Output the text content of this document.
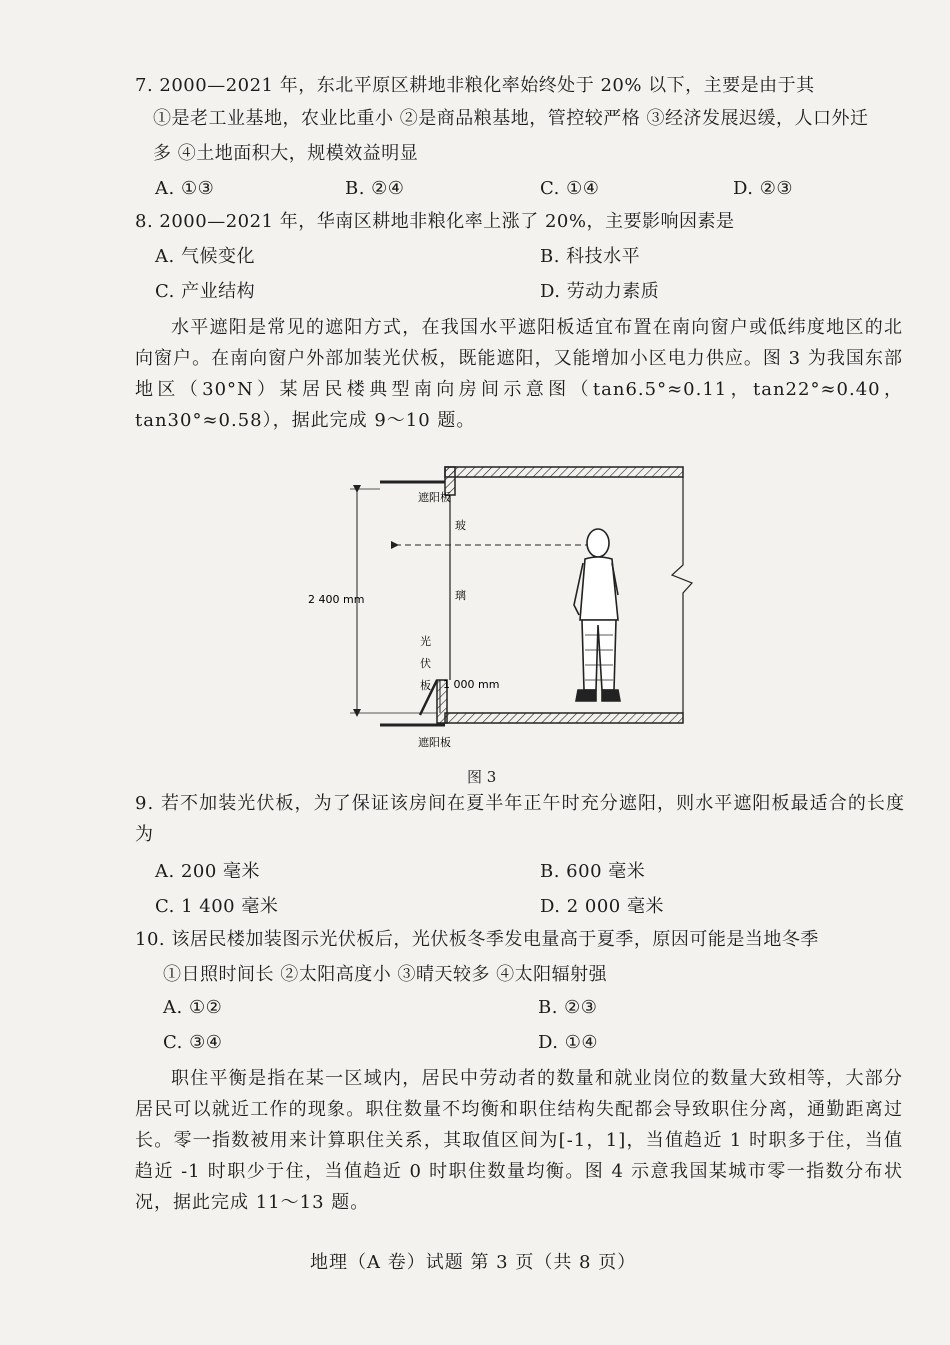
7. 2000—2021 年，东北平原区耕地非粮化率始终处于 20% 以下，主要是由于其
①是老工业基地，农业比重小 ②是商品粮基地，管控较严格 ③经济发展迟缓，人口外迁
多 ④土地面积大，规模效益明显
A. ①③	B. ②④	C. ①④	D. ②③
8. 2000—2021 年，华南区耕地非粮化率上涨了 20%，主要影响因素是
A. 气候变化	B. 科技水平
C. 产业结构	D. 劳动力素质
水平遮阳是常见的遮阳方式，在我国水平遮阳板适宜布置在南向窗户或低纬度地区的北向窗户。在南向窗户外部加装光伏板，既能遮阳，又能增加小区电力供应。图 3 为我国东部地区（30°N）某居民楼典型南向房间示意图（tan6.5°≈0.11，tan22°≈0.40，tan30°≈0.58），据此完成 9～10 题。
遮阳板
遮阳板
玻
璃
光
伏
板
2 400 mm
1 000 mm
图 3
9. 若不加装光伏板，为了保证该房间在夏半年正午时充分遮阳，则水平遮阳板最适合的长度为
A. 200 毫米	B. 600 毫米
C. 1 400 毫米	D. 2 000 毫米
10. 该居民楼加装图示光伏板后，光伏板冬季发电量高于夏季，原因可能是当地冬季
①日照时间长 ②太阳高度小 ③晴天较多 ④太阳辐射强
A. ①②	B. ②③
C. ③④	D. ①④
职住平衡是指在某一区域内，居民中劳动者的数量和就业岗位的数量大致相等，大部分居民可以就近工作的现象。职住数量不均衡和职住结构失配都会导致职住分离，通勤距离过长。零一指数被用来计算职住关系，其取值区间为[-1，1]，当值趋近 1 时职多于住，当值趋近 -1 时职少于住，当值趋近 0 时职住数量均衡。图 4 示意我国某城市零一指数分布状况，据此完成 11～13 题。
地理（A 卷）试题 第 3 页（共 8 页）
